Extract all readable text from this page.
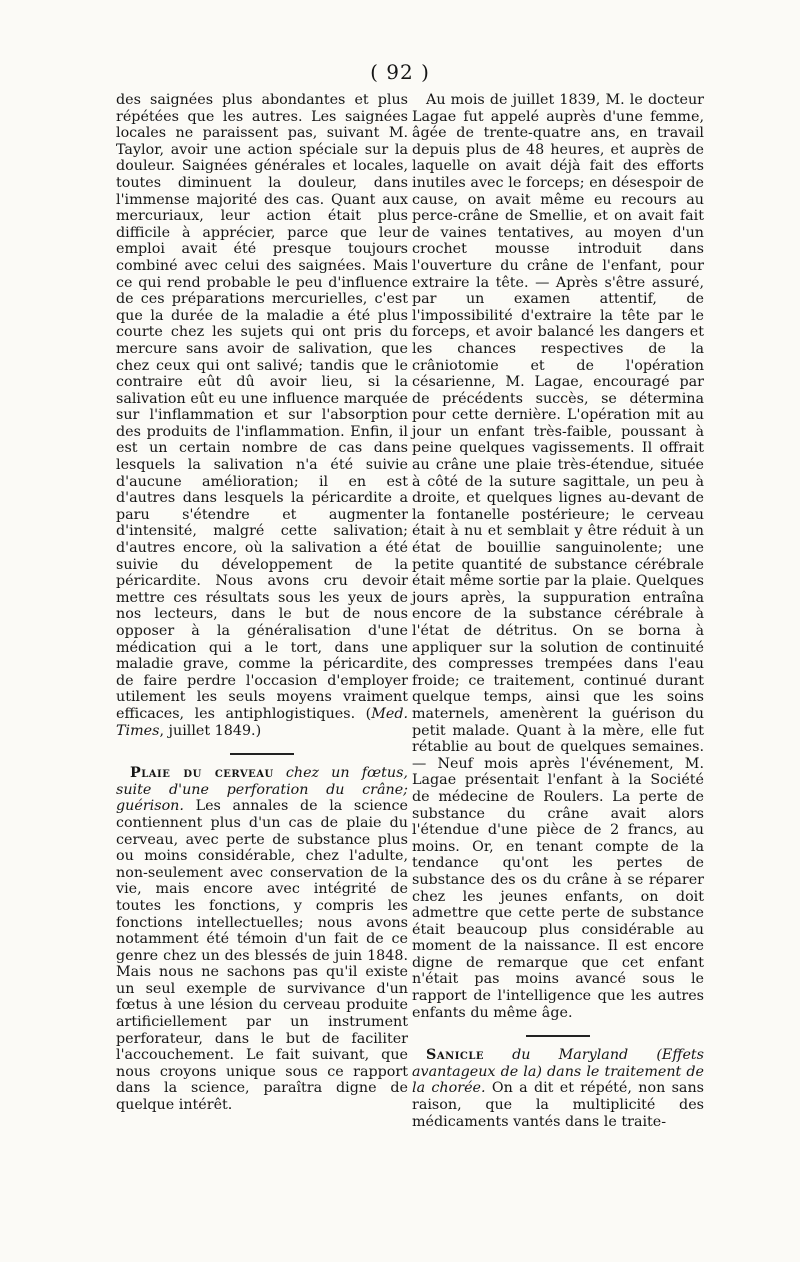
( 92 )

des saignées plus abondantes et plus répétées que les autres. Les saignées locales ne paraissent pas, suivant M. Taylor, avoir une action spéciale sur la douleur. Saignées générales et locales, toutes diminuent la douleur, dans l'immense majorité des cas. Quant aux mercuriaux, leur action était plus difficile à apprécier, parce que leur emploi avait été presque toujours combiné avec celui des saignées. Mais ce qui rend probable le peu d'influence de ces préparations mercurielles, c'est que la durée de la maladie a été plus courte chez les sujets qui ont pris du mercure sans avoir de salivation, que chez ceux qui ont salivé; tandis que le contraire eût dû avoir lieu, si la salivation eût eu une influence marquée sur l'inflammation et sur l'absorption des produits de l'inflammation. Enfin, il est un certain nombre de cas dans lesquels la salivation n'a été suivie d'aucune amélioration; il en est d'autres dans lesquels la péricardite a paru s'étendre et augmenter d'intensité, malgré cette salivation; d'autres encore, où la salivation a été suivie du développement de la péricardite. Nous avons cru devoir mettre ces résultats sous les yeux de nos lecteurs, dans le but de nous opposer à la généralisation d'une médication qui a le tort, dans une maladie grave, comme la péricardite, de faire perdre l'occasion d'employer utilement les seuls moyens vraiment efficaces, les antiphlogistiques. (Med. Times, juillet 1849.)

Plaie du cerveau chez un fœtus, suite d'une perforation du crâne; guérison. Les annales de la science contiennent plus d'un cas de plaie du cerveau, avec perte de substance plus ou moins considérable, chez l'adulte, non-seulement avec conservation de la vie, mais encore avec intégrité de toutes les fonctions, y compris les fonctions intellectuelles; nous avons notamment été témoin d'un fait de ce genre chez un des blessés de juin 1848. Mais nous ne sachons pas qu'il existe un seul exemple de survivance d'un fœtus à une lésion du cerveau produite artificiellement par un instrument perforateur, dans le but de faciliter l'accouchement. Le fait suivant, que nous croyons unique sous ce rapport dans la science, paraîtra digne de quelque intérêt.

Au mois de juillet 1839, M. le docteur Lagae fut appelé auprès d'une femme, âgée de trente-quatre ans, en travail depuis plus de 48 heures, et auprès de laquelle on avait déjà fait des efforts inutiles avec le forceps; en désespoir de cause, on avait même eu recours au perce-crâne de Smellie, et on avait fait de vaines tentatives, au moyen d'un crochet mousse introduit dans l'ouverture du crâne de l'enfant, pour extraire la tête. — Après s'être assuré, par un examen attentif, de l'impossibilité d'extraire la tête par le forceps, et avoir balancé les dangers et les chances respectives de la crâniotomie et de l'opération césarienne, M. Lagae, encouragé par de précédents succès, se détermina pour cette dernière. L'opération mit au jour un enfant très-faible, poussant à peine quelques vagissements. Il offrait au crâne une plaie très-étendue, située à côté de la suture sagittale, un peu à droite, et quelques lignes au-devant de la fontanelle postérieure; le cerveau était à nu et semblait y être réduit à un état de bouillie sanguinolente; une petite quantité de substance cérébrale était même sortie par la plaie. Quelques jours après, la suppuration entraîna encore de la substance cérébrale à l'état de détritus. On se borna à appliquer sur la solution de continuité des compresses trempées dans l'eau froide; ce traitement, continué durant quelque temps, ainsi que les soins maternels, amenèrent la guérison du petit malade. Quant à la mère, elle fut rétablie au bout de quelques semaines. — Neuf mois après l'événement, M. Lagae présentait l'enfant à la Société de médecine de Roulers. La perte de substance du crâne avait alors l'étendue d'une pièce de 2 francs, au moins. Or, en tenant compte de la tendance qu'ont les pertes de substance des os du crâne à se réparer chez les jeunes enfants, on doit admettre que cette perte de substance était beaucoup plus considérable au moment de la naissance. Il est encore digne de remarque que cet enfant n'était pas moins avancé sous le rapport de l'intelligence que les autres enfants du même âge.

Sanicle du Maryland (Effets avantageux de la) dans le traitement de la chorée. On a dit et répété, non sans raison, que la multiplicité des médicaments vantés dans le traite-
